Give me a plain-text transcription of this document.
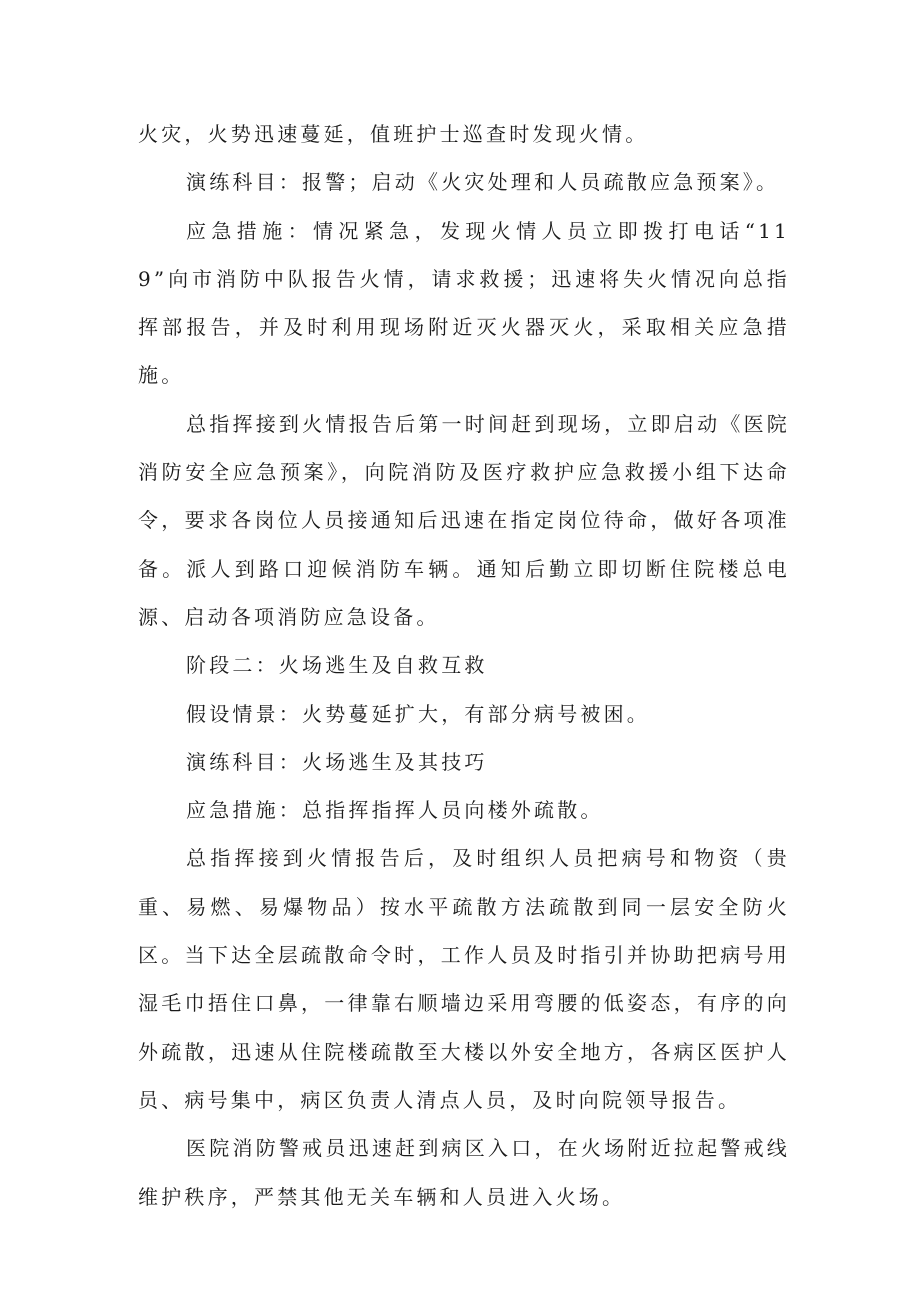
火灾，火势迅速蔓延，值班护士巡查时发现火情。

演练科目：报警；启动《火灾处理和人员疏散应急预案》。

应急措施：情况紧急，发现火情人员立即拨打电话“119”向市消防中队报告火情，请求救援；迅速将失火情况向总指挥部报告，并及时利用现场附近灭火器灭火，采取相关应急措施。

总指挥接到火情报告后第一时间赶到现场，立即启动《医院消防安全应急预案》，向院消防及医疗救护应急救援小组下达命令，要求各岗位人员接通知后迅速在指定岗位待命，做好各项准备。派人到路口迎候消防车辆。通知后勤立即切断住院楼总电源、启动各项消防应急设备。

阶段二：火场逃生及自救互救

假设情景：火势蔓延扩大，有部分病号被困。

演练科目：火场逃生及其技巧

应急措施：总指挥指挥人员向楼外疏散。

总指挥接到火情报告后，及时组织人员把病号和物资（贵重、易燃、易爆物品）按水平疏散方法疏散到同一层安全防火区。当下达全层疏散命令时，工作人员及时指引并协助把病号用湿毛巾捂住口鼻，一律靠右顺墙边采用弯腰的低姿态，有序的向外疏散，迅速从住院楼疏散至大楼以外安全地方，各病区医护人员、病号集中，病区负责人清点人员，及时向院领导报告。

医院消防警戒员迅速赶到病区入口，在火场附近拉起警戒线维护秩序，严禁其他无关车辆和人员进入火场。
